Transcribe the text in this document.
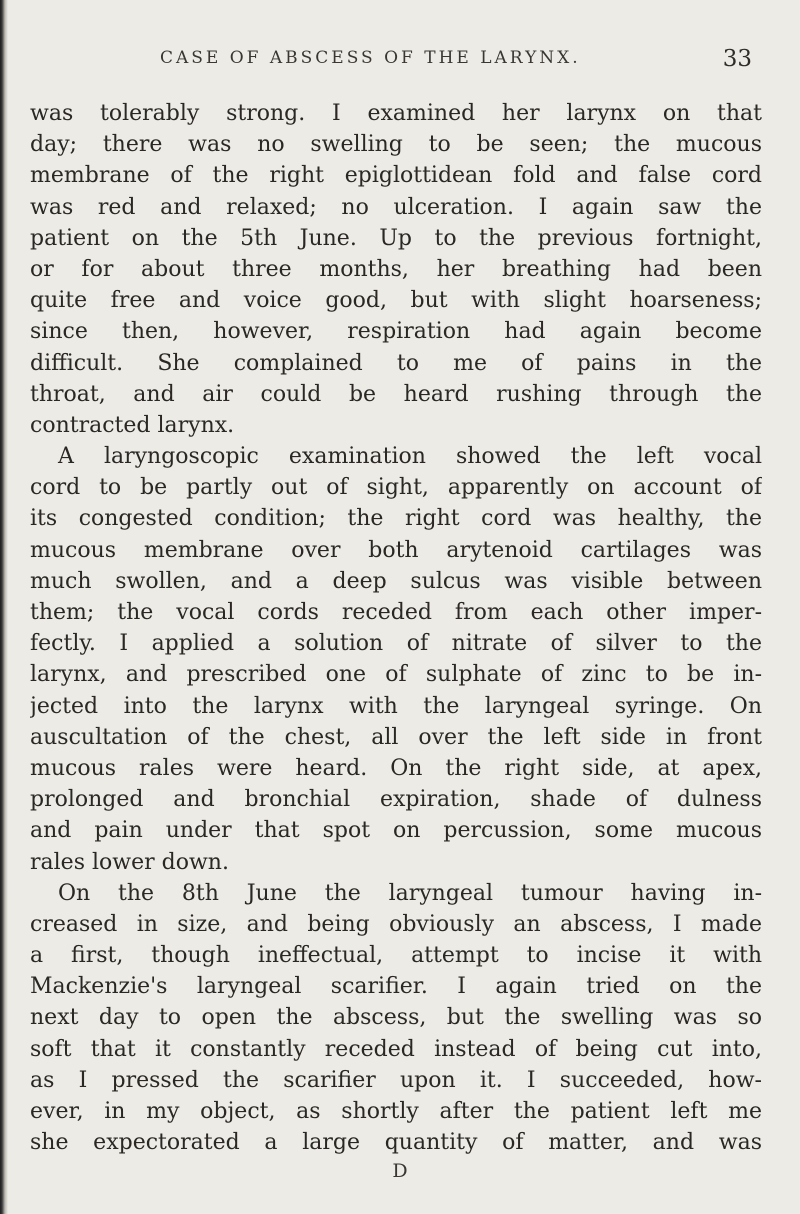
CASE OF ABSCESS OF THE LARYNX.	33
was tolerably strong. I examined her larynx on that
day; there was no swelling to be seen; the mucous
membrane of the right epiglottidean fold and false cord
was red and relaxed; no ulceration. I again saw the
patient on the 5th June. Up to the previous fortnight,
or for about three months, her breathing had been
quite free and voice good, but with slight hoarseness;
since then, however, respiration had again become
difficult. She complained to me of pains in the
throat, and air could be heard rushing through the
contracted larynx.
A laryngoscopic examination showed the left vocal
cord to be partly out of sight, apparently on account of
its congested condition; the right cord was healthy, the
mucous membrane over both arytenoid cartilages was
much swollen, and a deep sulcus was visible between
them; the vocal cords receded from each other imper-
fectly. I applied a solution of nitrate of silver to the
larynx, and prescribed one of sulphate of zinc to be in-
jected into the larynx with the laryngeal syringe. On
auscultation of the chest, all over the left side in front
mucous rales were heard. On the right side, at apex,
prolonged and bronchial expiration, shade of dulness
and pain under that spot on percussion, some mucous
rales lower down.
On the 8th June the laryngeal tumour having in-
creased in size, and being obviously an abscess, I made
a first, though ineffectual, attempt to incise it with
Mackenzie's laryngeal scarifier. I again tried on the
next day to open the abscess, but the swelling was so
soft that it constantly receded instead of being cut into,
as I pressed the scarifier upon it. I succeeded, how-
ever, in my object, as shortly after the patient left me
she expectorated a large quantity of matter, and was
D
